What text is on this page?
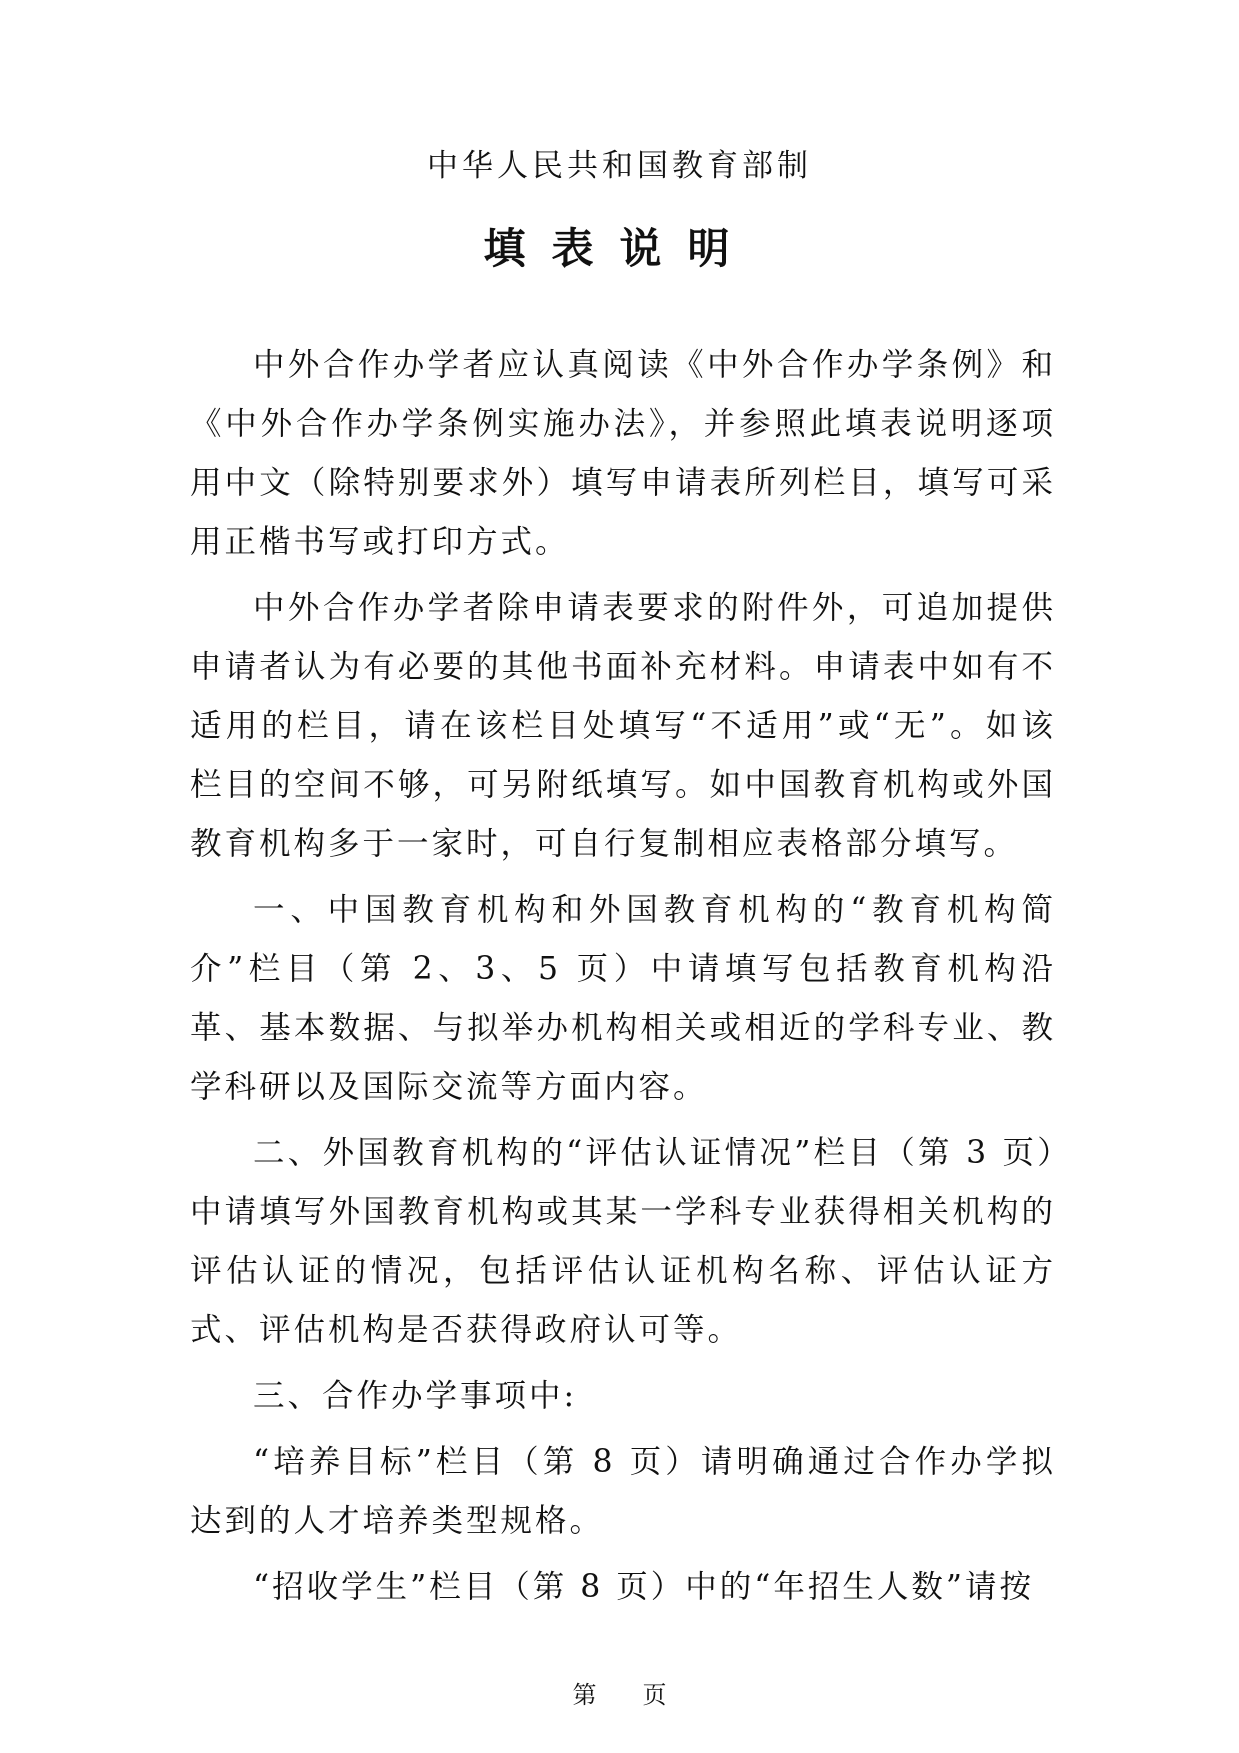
中华人民共和国教育部制
填表说明

中外合作办学者应认真阅读《中外合作办学条例》和《中外合作办学条例实施办法》，并参照此填表说明逐项用中文（除特别要求外）填写申请表所列栏目，填写可采用正楷书写或打印方式。

中外合作办学者除申请表要求的附件外，可追加提供申请者认为有必要的其他书面补充材料。申请表中如有不适用的栏目，请在该栏目处填写“不适用”或“无”。如该栏目的空间不够，可另附纸填写。如中国教育机构或外国教育机构多于一家时，可自行复制相应表格部分填写。

一、中国教育机构和外国教育机构的“教育机构简介”栏目（第 2、3、5 页）中请填写包括教育机构沿革、基本数据、与拟举办机构相关或相近的学科专业、教学科研以及国际交流等方面内容。

二、外国教育机构的“评估认证情况”栏目（第 3 页）中请填写外国教育机构或其某一学科专业获得相关机构的评估认证的情况，包括评估认证机构名称、评估认证方式、评估机构是否获得政府认可等。

三、合作办学事项中:

“培养目标”栏目（第 8 页）请明确通过合作办学拟达到的人才培养类型规格。

“招收学生”栏目（第 8 页）中的“年招生人数”请按

第 页
